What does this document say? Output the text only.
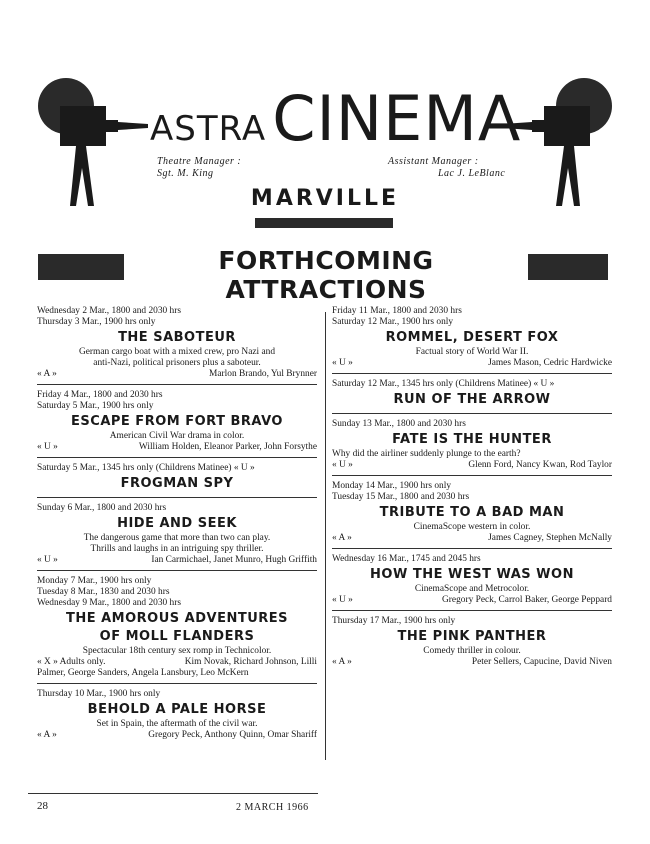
ASTRA CINEMA
Theatre Manager :
Sgt. M. King
Assistant Manager :
Lac J. LeBlanc
MARVILLE
FORTHCOMING ATTRACTIONS
Wednesday 2 Mar., 1800 and 2030 hrs
Thursday 3 Mar., 1900 hrs only
THE SABOTEUR
German cargo boat with a mixed crew, pro Nazi and
anti-Nazi, political prisoners plus a saboteur.
« A »	Marlon Brando, Yul Brynner
Friday 4 Mar., 1800 and 2030 hrs
Saturday 5 Mar., 1900 hrs only
ESCAPE FROM FORT BRAVO
American Civil War drama in color.
« U »	William Holden, Eleanor Parker, John Forsythe
Saturday 5 Mar., 1345 hrs only (Childrens Matinee) « U »
FROGMAN SPY
Sunday 6 Mar., 1800 and 2030 hrs
HIDE AND SEEK
The dangerous game that more than two can play.
Thrills and laughs in an intriguing spy thriller.
« U »	Ian Carmichael, Janet Munro, Hugh Griffith
Monday 7 Mar., 1900 hrs only
Tuesday 8 Mar., 1830 and 2030 hrs
Wednesday 9 Mar., 1800 and 2030 hrs
THE AMOROUS ADVENTURES
OF MOLL FLANDERS
Spectacular 18th century sex romp in Technicolor.
« X » Adults only.	Kim Novak, Richard Johnson, Lilli
Palmer, George Sanders, Angela Lansbury, Leo McKern
Thursday 10 Mar., 1900 hrs only
BEHOLD A PALE HORSE
Set in Spain, the aftermath of the civil war.
« A »	Gregory Peck, Anthony Quinn, Omar Shariff
Friday 11 Mar., 1800 and 2030 hrs
Saturday 12 Mar., 1900 hrs only
ROMMEL, DESERT FOX
Factual story of World War II.
« U »	James Mason, Cedric Hardwicke
Saturday 12 Mar., 1345 hrs only (Childrens Matinee) « U »
RUN OF THE ARROW
Sunday 13 Mar., 1800 and 2030 hrs
FATE IS THE HUNTER
Why did the airliner suddenly plunge to the earth?
« U »	Glenn Ford, Nancy Kwan, Rod Taylor
Monday 14 Mar., 1900 hrs only
Tuesday 15 Mar., 1800 and 2030 hrs
TRIBUTE TO A BAD MAN
CinemaScope western in color.
« A »	James Cagney, Stephen McNally
Wednesday 16 Mar., 1745 and 2045 hrs
HOW THE WEST WAS WON
CinemaScope and Metrocolor.
« U »	Gregory Peck, Carrol Baker, George Peppard
Thursday 17 Mar., 1900 hrs only
THE PINK PANTHER
Comedy thriller in colour.
« A »	Peter Sellers, Capucine, David Niven
28	2 MARCH 1966
